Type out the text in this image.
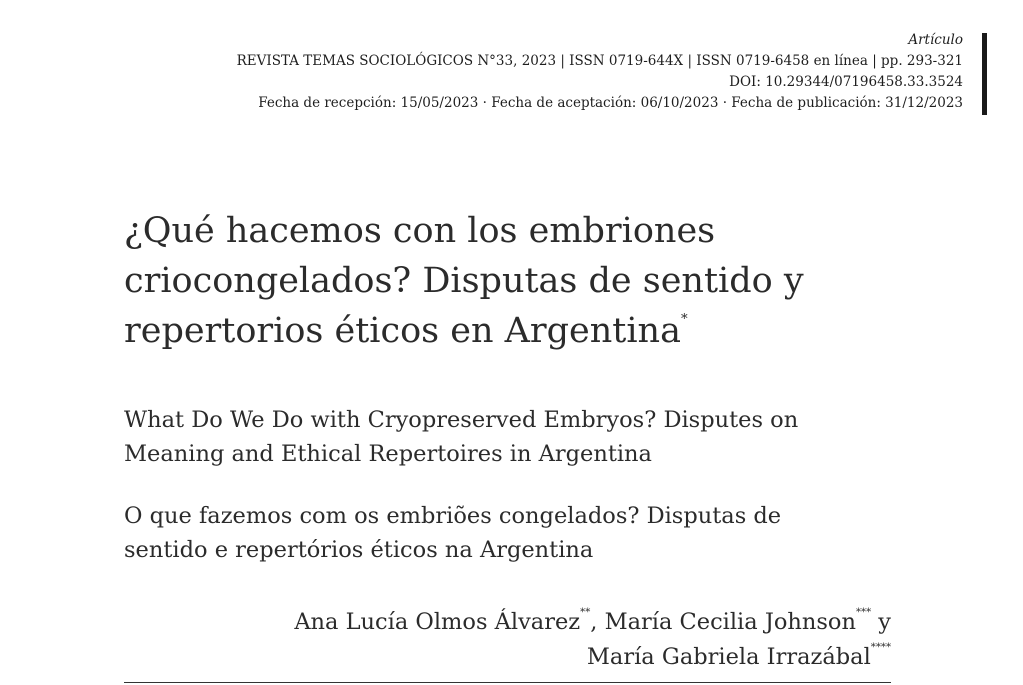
Artículo
REVISTA TEMAS SOCIOLÓGICOS N°33, 2023 | ISSN 0719-644X | ISSN 0719-6458 en línea | pp. 293-321
DOI: 10.29344/07196458.33.3524
Fecha de recepción: 15/05/2023 · Fecha de aceptación: 06/10/2023 · Fecha de publicación: 31/12/2023
¿Qué hacemos con los embriones
criocongelados? Disputas de sentido y
repertorios éticos en Argentina*
What Do We Do with Cryopreserved Embryos? Disputes on
Meaning and Ethical Repertoires in Argentina
O que fazemos com os embriões congelados? Disputas de
sentido e repertórios éticos na Argentina
Ana Lucía Olmos Álvarez**, María Cecilia Johnson*** y
María Gabriela Irrazábal****
